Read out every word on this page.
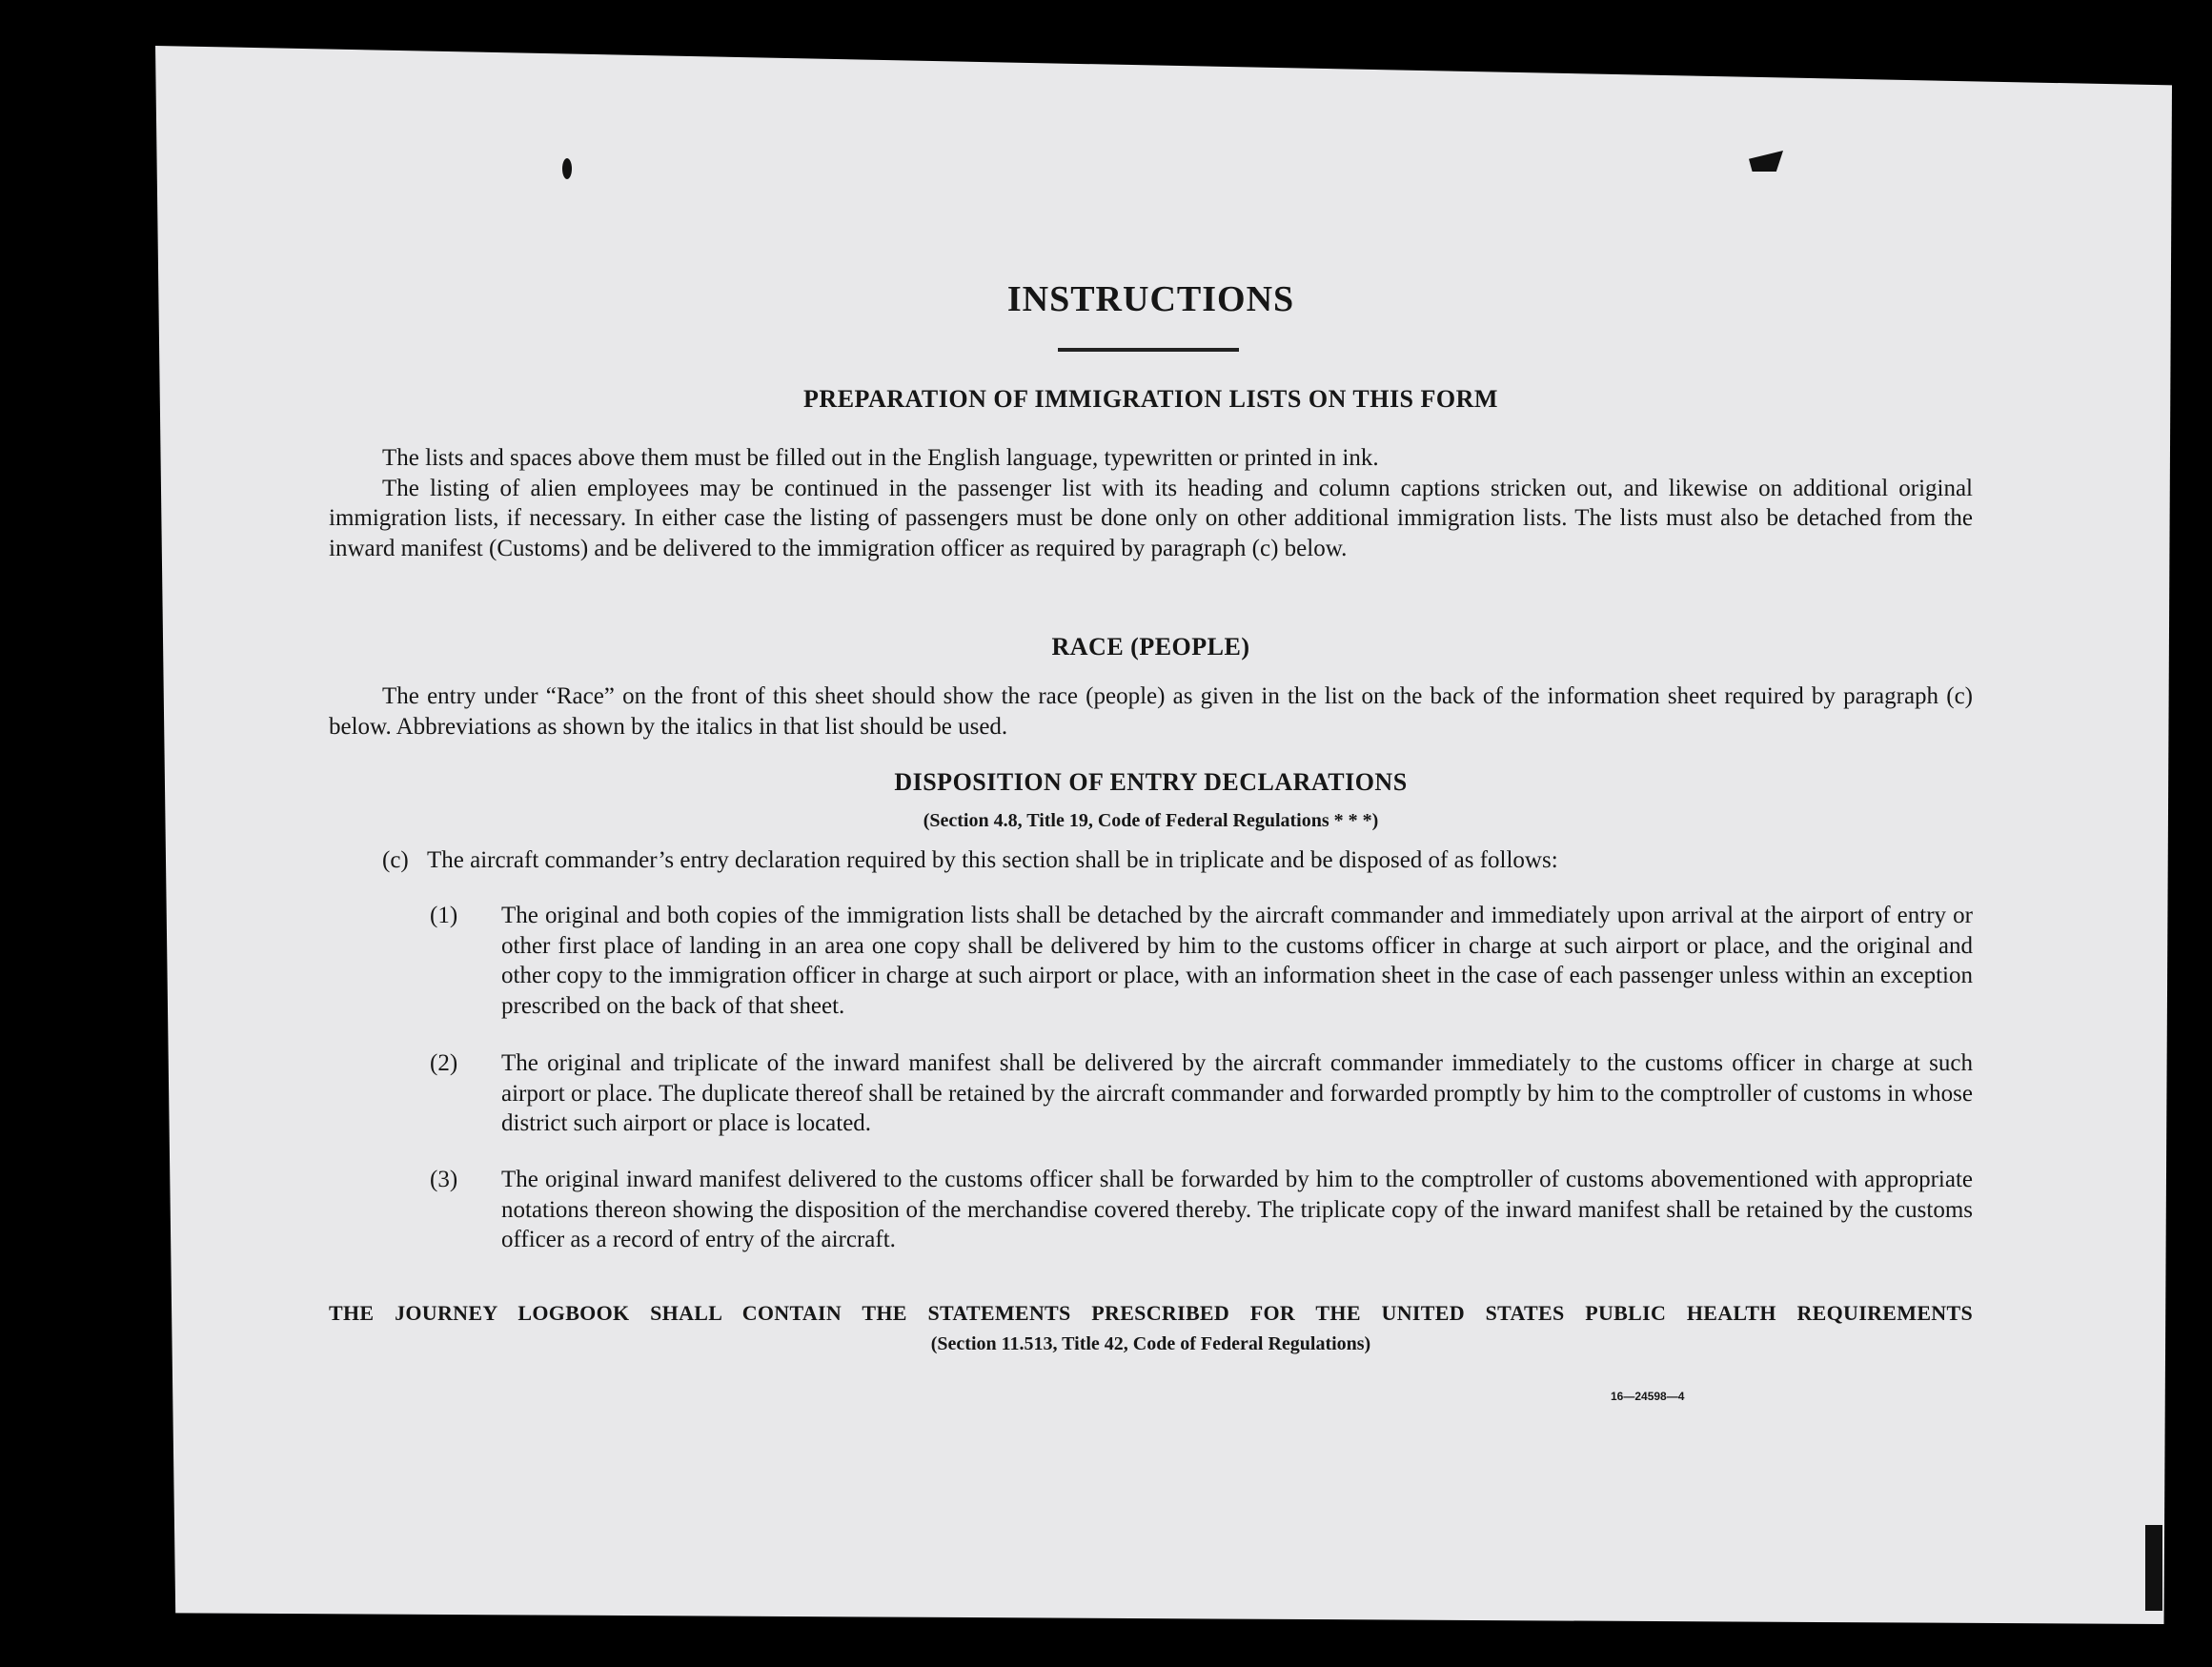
INSTRUCTIONS
PREPARATION OF IMMIGRATION LISTS ON THIS FORM

The lists and spaces above them must be filled out in the English language, typewritten or printed in ink.

The listing of alien employees may be continued in the passenger list with its heading and column captions stricken out, and likewise on additional original immigration lists, if necessary. In either case the listing of passengers must be done only on other additional immigration lists. The lists must also be detached from the inward manifest (Customs) and be delivered to the immigration officer as required by paragraph (c) below.

RACE (PEOPLE)

The entry under “Race” on the front of this sheet should show the race (people) as given in the list on the back of the information sheet required by paragraph (c) below. Abbreviations as shown by the italics in that list should be used.

DISPOSITION OF ENTRY DECLARATIONS

(Section 4.8, Title 19, Code of Federal Regulations * * *)

(c) The aircraft commander’s entry declaration required by this section shall be in triplicate and be disposed of as follows:
(1) The original and both copies of the immigration lists shall be detached by the aircraft commander and immediately upon arrival at the airport of entry or other first place of landing in an area one copy shall be delivered by him to the customs officer in charge at such airport or place, and the original and other copy to the immigration officer in charge at such airport or place, with an information sheet in the case of each passenger unless within an exception prescribed on the back of that sheet.

(2) The original and triplicate of the inward manifest shall be delivered by the aircraft commander immediately to the customs officer in charge at such airport or place. The duplicate thereof shall be retained by the aircraft commander and forwarded promptly by him to the comptroller of customs in whose district such airport or place is located.

(3) The original inward manifest delivered to the customs officer shall be forwarded by him to the comptroller of customs abovementioned with appropriate notations thereon showing the disposition of the merchandise covered thereby. The triplicate copy of the inward manifest shall be retained by the customs officer as a record of entry of the aircraft.

THE JOURNEY LOGBOOK SHALL CONTAIN THE STATEMENTS PRESCRIBED FOR THE UNITED STATES PUBLIC HEALTH REQUIREMENTS

(Section 11.513, Title 42, Code of Federal Regulations)

16—24598—4
